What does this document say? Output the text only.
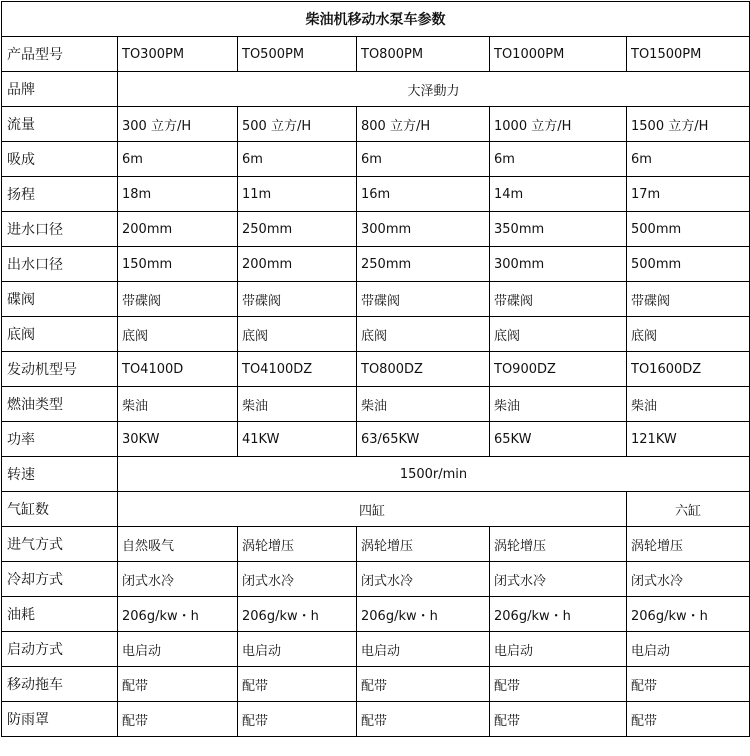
柴油机移动水泵车参数					
产品型号	TO300PM	TO500PM	TO800PM	TO1000PM	TO1500PM
品牌	大泽動力				
流量	300 立方/H	500 立方/H	800 立方/H	1000 立方/H	1500 立方/H
吸成	6m	6m	6m	6m	6m
扬程	18m	11m	16m	14m	17m
进水口径	200mm	250mm	300mm	350mm	500mm
出水口径	150mm	200mm	250mm	300mm	500mm
碟阀	带碟阀	带碟阀	带碟阀	带碟阀	带碟阀
底阀	底阀	底阀	底阀	底阀	底阀
发动机型号	TO4100D	TO4100DZ	TO800DZ	TO900DZ	TO1600DZ
燃油类型	柴油	柴油	柴油	柴油	柴油
功率	30KW	41KW	63/65KW	65KW	121KW
转速	1500r/min				
气缸数	四缸				六缸
进气方式	自然吸气	涡轮增压	涡轮增压	涡轮增压	涡轮增压
冷却方式	闭式水冷	闭式水冷	闭式水冷	闭式水冷	闭式水冷
油耗	206g/kw・h	206g/kw・h	206g/kw・h	206g/kw・h	206g/kw・h
启动方式	电启动	电启动	电启动	电启动	电启动
移动拖车	配带	配带	配带	配带	配带
防雨罩	配带	配带	配带	配带	配带
